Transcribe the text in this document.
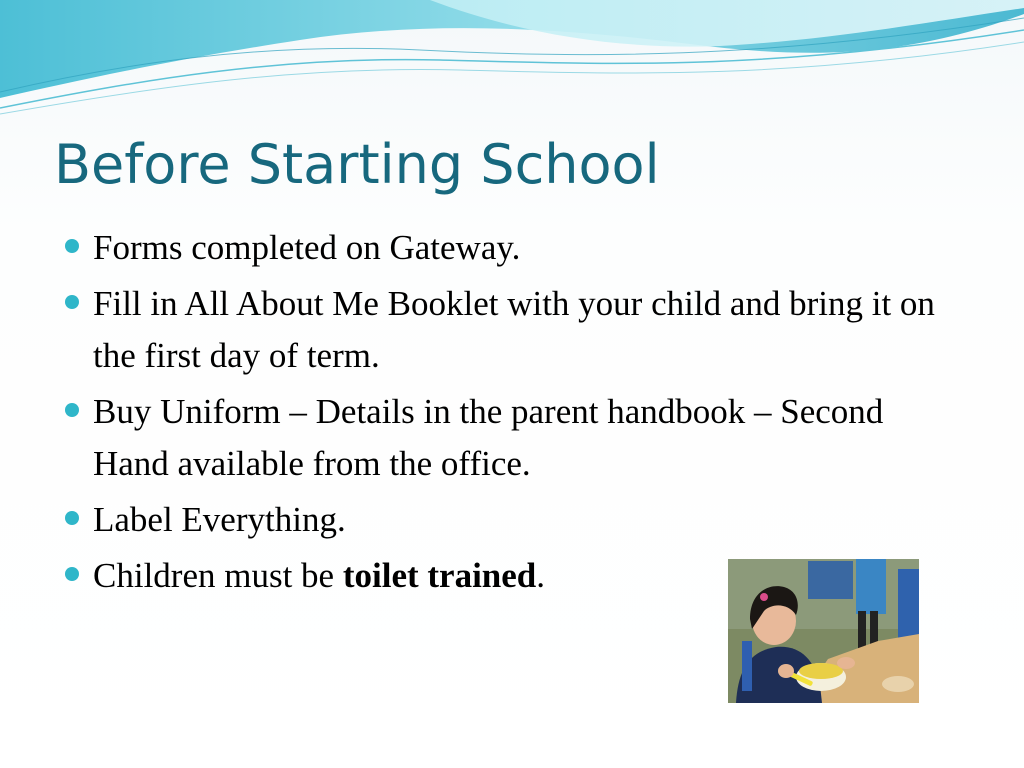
Before Starting School
Forms completed on Gateway.
Fill in All About Me Booklet with your child and bring it on the first day of term.
Buy Uniform – Details in the parent handbook – Second Hand available from the office.
Label Everything.
Children must be toilet trained.
